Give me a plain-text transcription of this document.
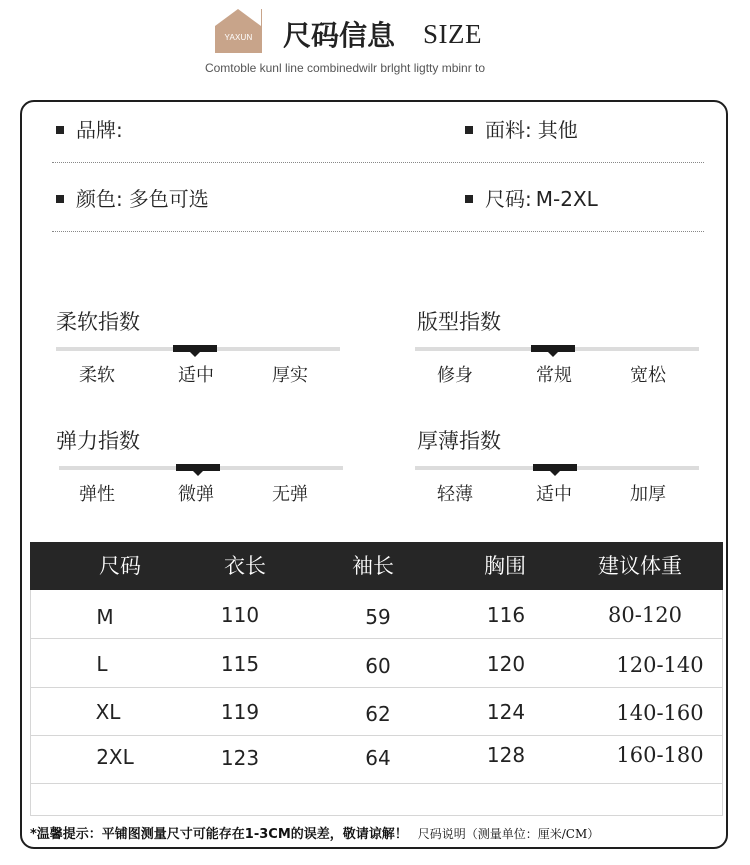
YAXUN	尺码信息 SIZE
Comtoble kunl line combinedwilr brlght ligtty mbinr to
品牌:	面料: 其他
颜色: 多色可选	尺码: M-2XL
柔软指数
柔软	适中	厚实
版型指数
修身	常规	宽松
弹力指数
弹性	微弹	无弹
厚薄指数
轻薄	适中	加厚
尺码	衣长	袖长	胸围	建议体重
M	110	59	116	80-120
L	115	60	120	120-140
XL	119	62	124	140-160
2XL	123	64	128	160-180
*温馨提示：平铺图测量尺寸可能存在1-3CM的误差，敬请谅解！ 尺码说明（测量单位：厘米/CM）
